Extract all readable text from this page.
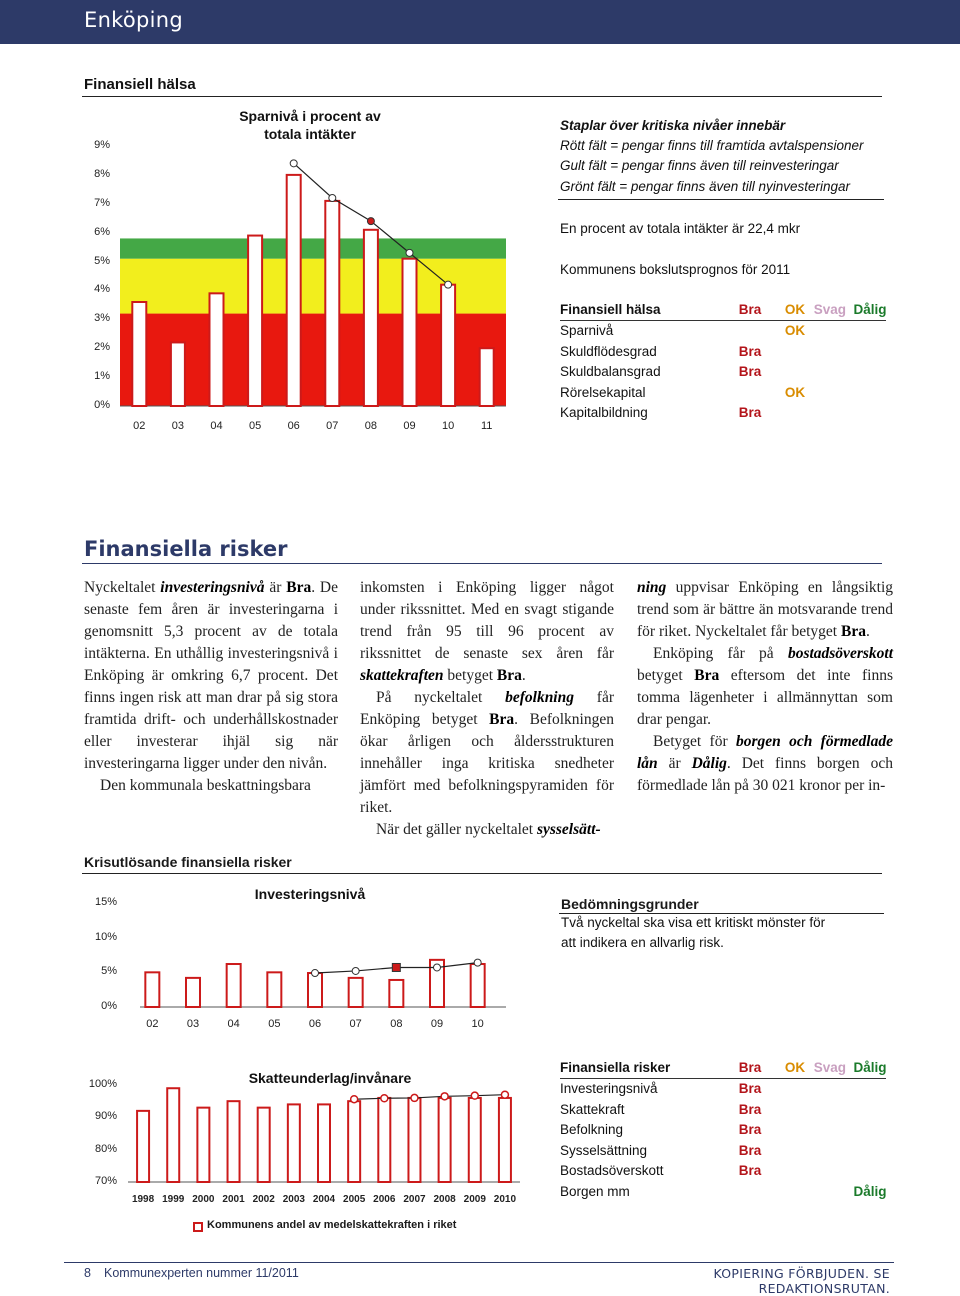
Enköping
Finansiell hälsa
Sparnivå i procent av
totala intäkter
9%
8%
7%
6%
5%
4%
3%
2%
1%
0%
02 03 04 05 06 07 08 09 10 11
Staplar över kritiska nivåer innebär
Rött fält = pengar finns till framtida avtalspension​er
Gult fält = pengar finns även till reinvesteringar
Grönt fält = pengar finns även till nyinvesteringar
En procent av totala intäkter är 22,4 mkr
Kommunens bokslutsprognos för 2011
Finansiell hälsa	Bra	OK Svag Dålig
Sparnivå	OK
Skuldflödesgrad	Bra
Skuldbalansgrad	Bra
Rörelsekapital	OK
Kapitalbildning	Bra
Finansiella risker
Nyckeltalet investeringsnivå är Bra. De senaste fem åren är investeringarna i genomsnitt 5,3 procent av de totala intäkterna. En uthållig investeringsnivå i Enköping är omkring 6,7 procent. Det finns ingen risk att man drar på sig stora framtida drift- och underhållskostnader eller investerar ihjäl sig när investeringarna ligger under den nivån.
Den kommunala beskattningsbara
inkomsten i Enköping ligger något under rikssnittet. Med en svagt stigande trend från 95 till 96 procent av rikssnittet de senaste sex åren får skattekraften betyget Bra.
På nyckeltalet befolkning får Enköping betyget Bra. Befolkningen ökar årligen och åldersstrukturen innehåller inga kritiska snedheter jämfört med befolkningspyramiden för riket.
När det gäller nyckeltalet sysselsätt-
ning uppvisar Enköping en långsiktig trend som är bättre än motsvarande trend för riket. Nyckeltalet får betyget Bra.
Enköping får på bostadsöverskott betyget Bra eftersom det inte finns tomma lägenheter i allmännyttan som drar pengar.
Betyget för borgen och förmedlade lån är Dålig. Det finns borgen och förmedlade lån på 30 021 kronor per in-
Krisutlösande finansiella risker
Investeringsnivå
15%
10%
5%
0%
02	03	04	05	06	07	08	09	10
Bedömningsgrunder
Två nyckeltal ska visa ett kritiskt mönster för
att indikera en allvarlig risk.
Skatteunderlag/invånare
100%
90%
80%
70%
1998 1999 2000 2001 2002 2003 2004 2005 2006 2007 2008 2009 2010
Kommunens andel av medelskattekraften i riket
Finansiella risker	Bra	OK Svag Dålig
Investeringsnivå	Bra
Skattekraft	Bra
Befolkning	Bra
Sysselsättning	Bra
Bostadsöverskott	Bra
Borgen mm	Dålig
8 Kommunexperten nummer 11/2011	KOPIERING FÖRBJUDEN. SE REDAKTIONSRUTAN.
